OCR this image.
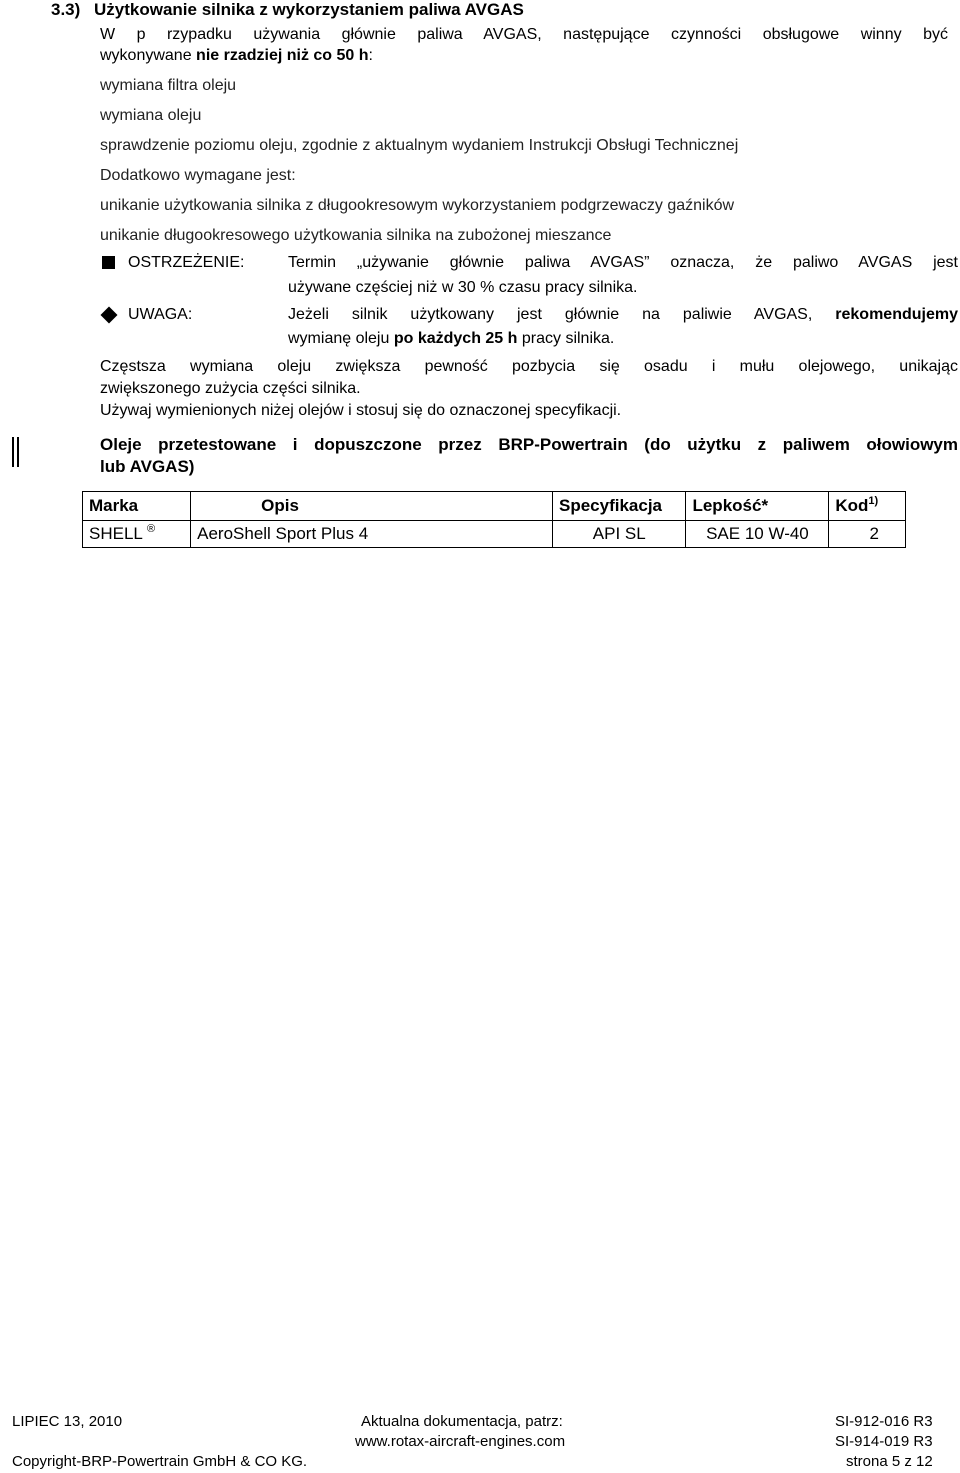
3.3) Użytkowanie silnika z wykorzystaniem paliwa AVGAS
W p rzypadku używania głównie paliwa AVGAS, następujące czynności obsługowe winny być
wykonywane nie rzadziej niż co 50 h:
wymiana filtra oleju
wymiana oleju
sprawdzenie poziomu oleju, zgodnie z aktualnym wydaniem Instrukcji Obsługi Technicznej
Dodatkowo wymagane jest:
unikanie użytkowania silnika z długookresowym wykorzystaniem podgrzewaczy gaźników
unikanie długookresowego użytkowania silnika na zubożonej mieszance
OSTRZEŻENIE:	Termin „używanie głównie paliwa AVGAS” oznacza, że paliwo AVGAS jest
używane częściej niż w 30 % czasu pracy silnika.
UWAGA:	Jeżeli silnik użytkowany jest głównie na paliwie AVGAS, rekomendujemy
wymianę oleju po każdych 25 h pracy silnika.
Częstsza wymiana oleju zwiększa pewność pozbycia się osadu i mułu olejowego, unikając
zwiększonego zużycia części silnika.
Używaj wymienionych niżej olejów i stosuj się do oznaczonej specyfikacji.
Oleje przetestowane i dopuszczone przez BRP-Powertrain (do użytku z paliwem ołowiowym
lub AVGAS)
Marka	Opis	Specyfikacja	Lepkość*	Kod$^{1)}$
SHELL ®	AeroShell Sport Plus 4	API SL	SAE 10 W-40	2
LIPIEC 13, 2010	Aktualna dokumentacja, patrz:
www.rotax-aircraft-engines.com
SI-912-016 R3
SI-914-019 R3
Copyright-BRP-Powertrain GmbH & CO KG.	strona 5 z 12
